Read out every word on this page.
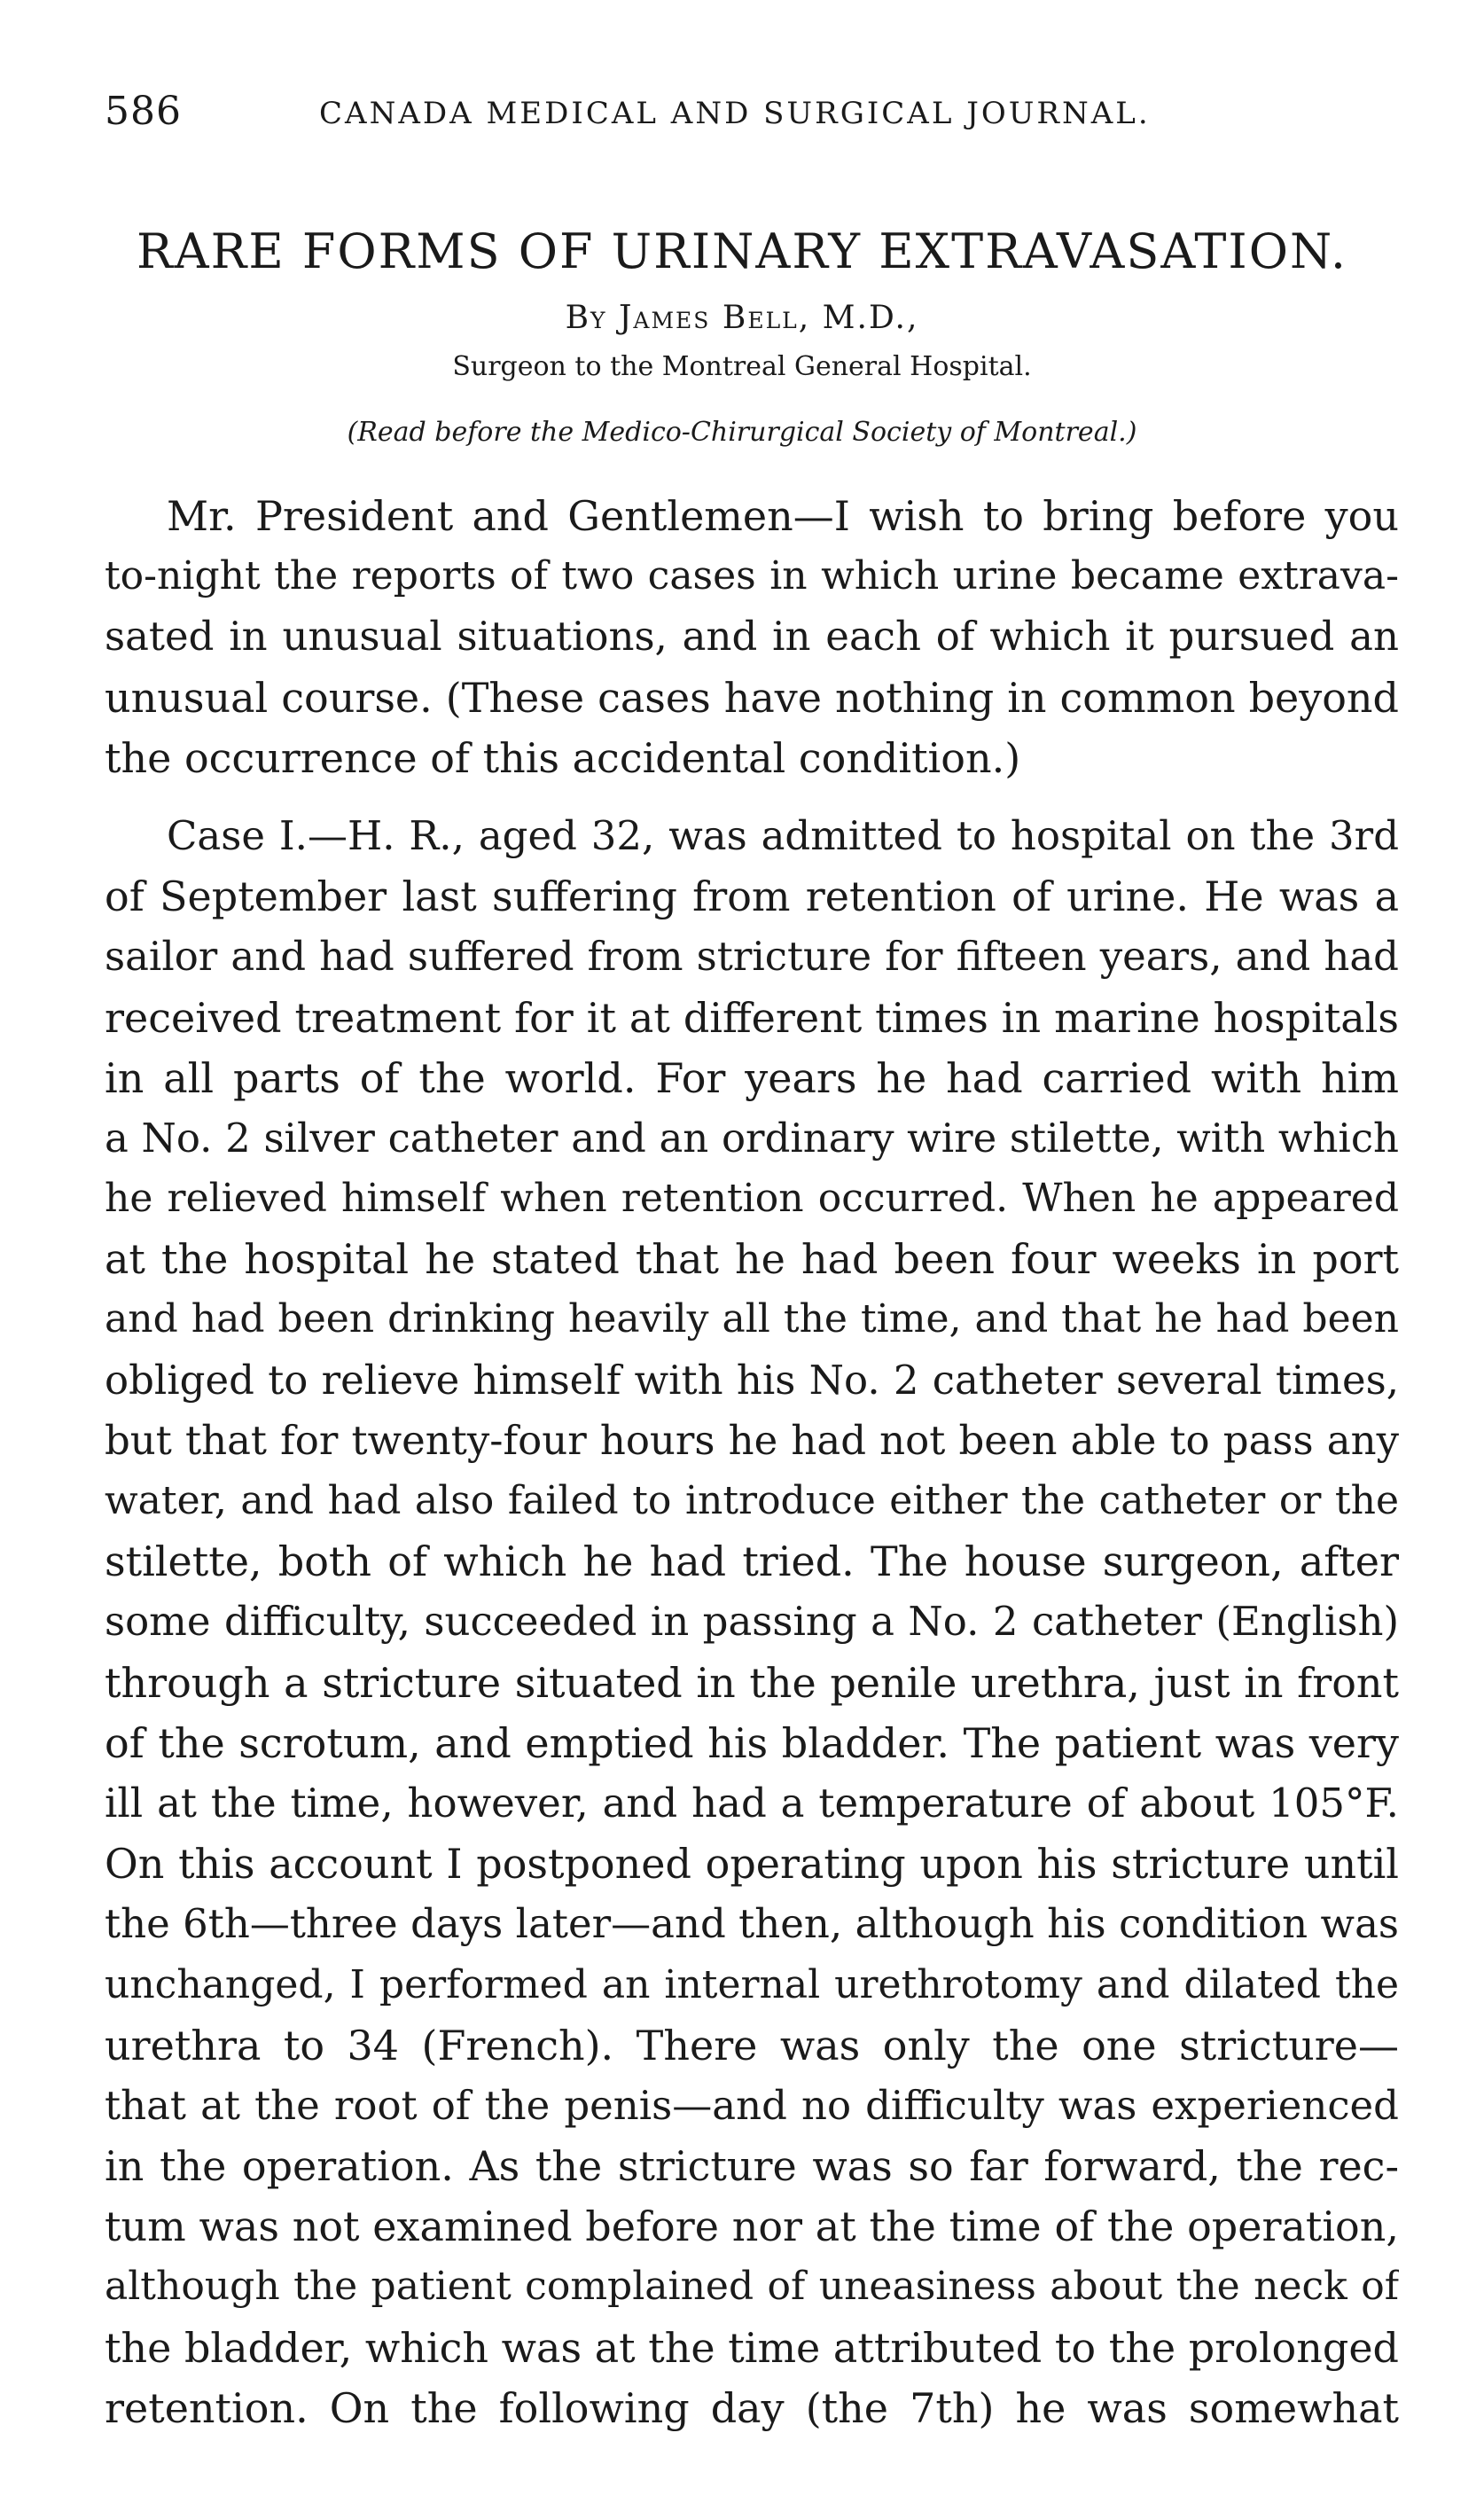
586	CANADA MEDICAL AND SURGICAL JOURNAL.
RARE FORMS OF URINARY EXTRAVASATION.
By James Bell, M.D.,
Surgeon to the Montreal General Hospital.
(Read before the Medico-Chirurgical Society of Montreal.)
Mr. President and Gentlemen—I wish to bring before you
to-night the reports of two cases in which urine became extrava-
sated in unusual situations, and in each of which it pursued an
unusual course. (These cases have nothing in common beyond
the occurrence of this accidental condition.)
Case I.—H. R., aged 32, was admitted to hospital on the 3rd
of September last suffering from retention of urine. He was a
sailor and had suffered from stricture for fifteen years, and had
received treatment for it at different times in marine hospitals
in all parts of the world. For years he had carried with him
a No. 2 silver catheter and an ordinary wire stilette, with which
he relieved himself when retention occurred. When he appeared
at the hospital he stated that he had been four weeks in port
and had been drinking heavily all the time, and that he had been
obliged to relieve himself with his No. 2 catheter several times,
but that for twenty-four hours he had not been able to pass any
water, and had also failed to introduce either the catheter or the
stilette, both of which he had tried. The house surgeon, after
some difficulty, succeeded in passing a No. 2 catheter (English)
through a stricture situated in the penile urethra, just in front
of the scrotum, and emptied his bladder. The patient was very
ill at the time, however, and had a temperature of about 105°F.
On this account I postponed operating upon his stricture until
the 6th—three days later—and then, although his condition was
unchanged, I performed an internal urethrotomy and dilated the
urethra to 34 (French). There was only the one stricture—
that at the root of the penis—and no difficulty was experienced
in the operation. As the stricture was so far forward, the rec-
tum was not examined before nor at the time of the operation,
although the patient complained of uneasiness about the neck of
the bladder, which was at the time attributed to the prolonged
retention. On the following day (the 7th) he was somewhat
